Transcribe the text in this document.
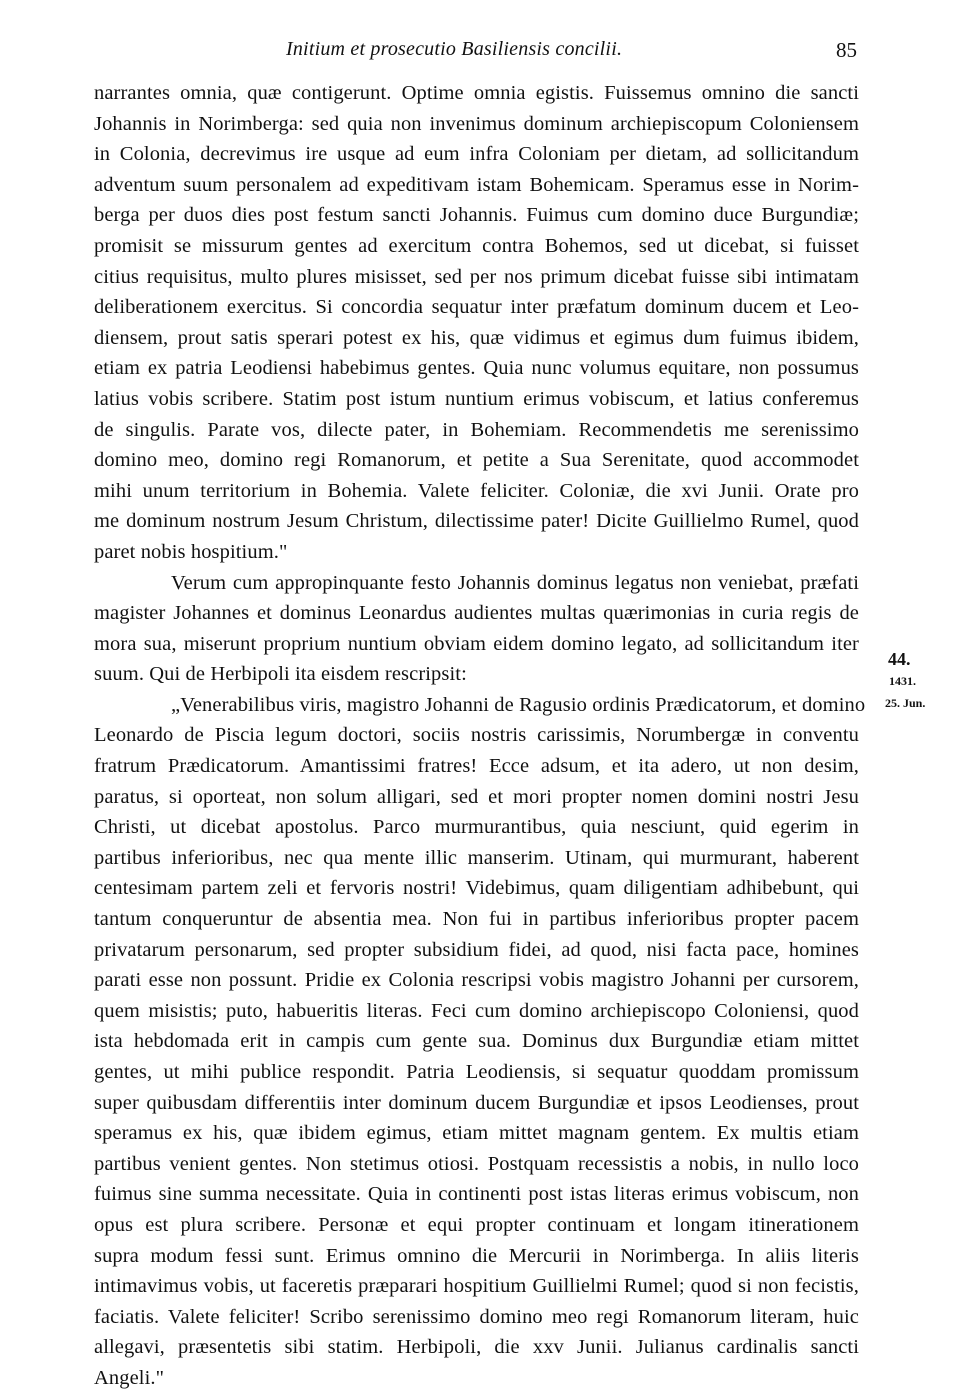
Initium et prosecutio Basiliensis concilii.	85
narrantes omnia, quæ contigerunt. Optime omnia egistis. Fuissemus omnino die sancti
Johannis in Norimberga: sed quia non invenimus dominum archiepiscopum Coloniensem
in Colonia, decrevimus ire usque ad eum infra Coloniam per dietam, ad sollicitandum
adventum suum personalem ad expeditivam istam Bohemicam. Speramus esse in Norim-
berga per duos dies post festum sancti Johannis. Fuimus cum domino duce Burgundiæ;
promisit se missurum gentes ad exercitum contra Bohemos, sed ut dicebat, si fuisset
citius requisitus, multo plures misisset, sed per nos primum dicebat fuisse sibi intimatam
deliberationem exercitus. Si concordia sequatur inter præfatum dominum ducem et Leo-
diensem, prout satis sperari potest ex his, quæ vidimus et egimus dum fuimus ibidem,
etiam ex patria Leodiensi habebimus gentes. Quia nunc volumus equitare, non possumus
latius vobis scribere. Statim post istum nuntium erimus vobiscum, et latius conferemus
de singulis. Parate vos, dilecte pater, in Bohemiam. Recommendetis me serenissimo
domino meo, domino regi Romanorum, et petite a Sua Serenitate, quod accommodet
mihi unum territorium in Bohemia. Valete feliciter. Coloniæ, die xvi Junii. Orate pro
me dominum nostrum Jesum Christum, dilectissime pater! Dicite Guillielmo Rumel, quod
paret nobis hospitium."
Verum cum appropinquante festo Johannis dominus legatus non veniebat, præfati
magister Johannes et dominus Leonardus audientes multas quærimonias in curia regis de
mora sua, miserunt proprium nuntium obviam eidem domino legato, ad sollicitandum iter
suum. Qui de Herbipoli ita eisdem rescripsit:
„Venerabilibus viris, magistro Johanni de Ragusio ordinis Prædicatorum, et domino
Leonardo de Piscia legum doctori, sociis nostris carissimis, Norumbergæ in conventu
fratrum Prædicatorum. Amantissimi fratres! Ecce adsum, et ita adero, ut non desim,
paratus, si oporteat, non solum alligari, sed et mori propter nomen domini nostri Jesu
Christi, ut dicebat apostolus. Parco murmurantibus, quia nesciunt, quid egerim in
partibus inferioribus, nec qua mente illic manserim. Utinam, qui murmurant, haberent
centesimam partem zeli et fervoris nostri! Videbimus, quam diligentiam adhibebunt, qui
tantum conqueruntur de absentia mea. Non fui in partibus inferioribus propter pacem
privatarum personarum, sed propter subsidium fidei, ad quod, nisi facta pace, homines
parati esse non possunt. Pridie ex Colonia rescripsi vobis magistro Johanni per cursorem,
quem misistis; puto, habueritis literas. Feci cum domino archiepiscopo Coloniensi, quod
ista hebdomada erit in campis cum gente sua. Dominus dux Burgundiæ etiam mittet
gentes, ut mihi publice respondit. Patria Leodiensis, si sequatur quoddam promissum
super quibusdam differentiis inter dominum ducem Burgundiæ et ipsos Leodienses, prout
speramus ex his, quæ ibidem egimus, etiam mittet magnam gentem. Ex multis etiam
partibus venient gentes. Non stetimus otiosi. Postquam recessistis a nobis, in nullo loco
fuimus sine summa necessitate. Quia in continenti post istas literas erimus vobiscum, non
opus est plura scribere. Personæ et equi propter continuam et longam itinerationem
supra modum fessi sunt. Erimus omnino die Mercurii in Norimberga. In aliis literis
intimavimus vobis, ut faceretis præparari hospitium Guillielmi Rumel; quod si non fecistis,
faciatis. Valete feliciter! Scribo serenissimo domino meo regi Romanorum literam, huic
allegavi, præsentetis sibi statim. Herbipoli, die xxv Junii. Julianus cardinalis sancti
Angeli."
44.
1431.
25. Jun.
